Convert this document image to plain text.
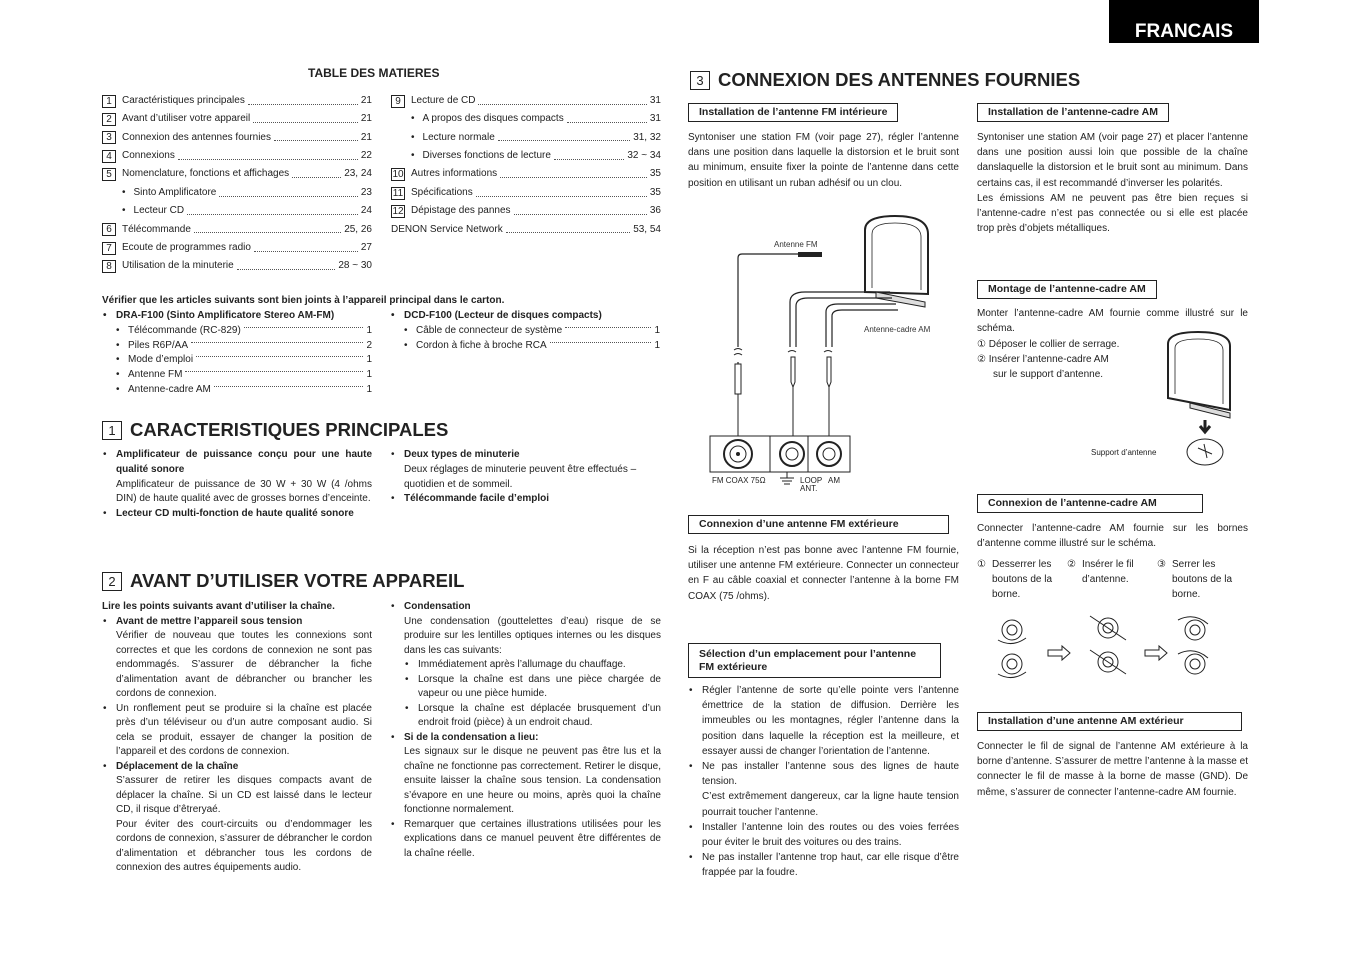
FRANCAIS
TABLE DES MATIERES
1	Caractéristiques principales	21
2	Avant d’utiliser votre appareil	21
3	Connexion des antennes fournies	21
4	Connexions	22
5	Nomenclature, fonctions et affichages	23, 24
• Sinto Amplificatore	23
• Lecteur CD	24
6	Télécommande	25, 26
7	Ecoute de programmes radio	27
8	Utilisation de la minuterie	28 ~ 30
9	Lecture de CD	31
• A propos des disques compacts	31
• Lecture normale	31, 32
• Diverses fonctions de lecture	32 ~ 34
10 Autres informations	35
11 Spécifications	35
12 Dépistage des pannes	36
DENON Service Network	53, 54
Vérifier que les articles suivants sont bien joints à l’appareil principal dans le carton.
• DRA-F100 (Sinto Amplificatore Stereo AM-FM)
• Télécommande (RC-829)	1
• Piles R6P/AA	2
• Mode d’emploi	1
• Antenne FM	1
• Antenne-cadre AM	1
• DCD-F100 (Lecteur de disques compacts)
• Câble de connecteur de système	1
• Cordon à fiche à broche RCA	1
1 CARACTERISTIQUES PRINCIPALES

• Amplificateur de puissance conçu pour une haute qualité sonore

Amplificateur de puissance de 30 W + 30 W (4 /ohms DIN) de haute qualité avec de grosses bornes d’enceinte.

• Lecteur CD multi-fonction de haute qualité sonore

• Deux types de minuterie

Deux réglages de minuterie peuvent être effectués – quotidien et de sommeil.

• Télécommande facile d’emploi

2 AVANT D’UTILISER VOTRE APPAREIL

Lire les points suivants avant d’utiliser la chaîne.

• Avant de mettre l’appareil sous tension

Vérifier de nouveau que toutes les connexions sont correctes et que les cordons de connexion ne sont pas endommagés. S’assurer de débrancher la fiche d’alimentation avant de débrancher ou brancher les cordons de connexion.

• Un ronflement peut se produire si la chaîne est placée près d’un téléviseur ou d’un autre composant audio. Si cela se produit, essayer de changer la position de l’appareil et des cordons de connexion.

• Déplacement de la chaîne

S’assurer de retirer les disques compacts avant de déplacer la chaîne. Si un CD est laissé dans le lecteur CD, il risque d’êtreryaé.

Pour éviter des court-circuits ou d’endommager les cordons de connexion, s’assurer de débrancher le cordon d’alimentation et débrancher tous les cordons de connexion des autres équipements audio.

• Condensation

Une condensation (gouttelettes d’eau) risque de se produire sur les lentilles optiques internes ou les disques dans les cas suivants:

• Immédiatement après l’allumage du chauffage.

• Lorsque la chaîne est dans une pièce chargée de vapeur ou une pièce humide.

• Lorsque la chaîne est déplacée brusquement d’un endroit froid (pièce) à un endroit chaud.

• Si de la condensation a lieu:

Les signaux sur le disque ne peuvent pas être lus et la chaîne ne fonctionne pas correctement. Retirer le disque, ensuite laisser la chaîne sous tension. La condensation s’évapore en une heure ou moins, après quoi la chaîne fonctionne normalement.

• Remarquer que certaines illustrations utilisées pour les explications dans ce manuel peuvent être différentes de la chaîne réelle.

3 CONNEXION DES ANTENNES FOURNIES
Installation de l’antenne FM intérieure

Syntoniser une station FM (voir page 27), régler l’antenne dans une position dans laquelle la distorsion et le bruit sont au minimum, ensuite fixer la pointe de l’antenne dans cette position en utilisant un ruban adhésif ou un clou.

Antenne FM
Antenne-cadre AM
FM COAX 75Ω	LOOP
ANT.
AM
Connexion d’une antenne FM extérieure

Si la réception n’est pas bonne avec l’antenne FM fournie, utiliser une antenne FM extérieure. Connecter un connecteur en F au câble coaxial et connecter l’antenne à la borne FM COAX (75 /ohms).

Sélection d’un emplacement pour l’antenne FM extérieure

• Régler l’antenne de sorte qu’elle pointe vers l’antenne émettrice de la station de diffusion. Derrière les immeubles ou les montagnes, régler l’antenne dans la position dans laquelle la réception est la meilleure, et essayer aussi de changer l’orientation de l’antenne.

• Ne pas installer l’antenne sous des lignes de haute tension.

C’est extrêmement dangereux, car la ligne haute tension pourrait toucher l’antenne.

• Installer l’antenne loin des routes ou des voies ferrées pour éviter le bruit des voitures ou des trains.

• Ne pas installer l’antenne trop haut, car elle risque d’être frappée par la foudre.

Installation de l’antenne-cadre AM

Syntoniser une station AM (voir page 27) et placer l’antenne dans une position aussi loin que possible de la chaîne danslaquelle la distorsion et le bruit sont au minimum. Dans certains cas, il est recommandé d’inverser les polarités.

Les émissions AM ne peuvent pas être bien reçues si l’antenne-cadre n’est pas connectée ou si elle est placée trop près d’objets métalliques.

Montage de l’antenne-cadre AM

Monter l’antenne-cadre AM fournie comme illustré sur le schéma.

① Déposer le collier de serrage.

② Insérer l’antenne-cadre AM

sur le support d’antenne.

Support d’antenne
Connexion de l’antenne-cadre AM

Connecter l’antenne-cadre AM fournie sur les bornes d’antenne comme illustré sur le schéma.

① Desserrer les boutons de la borne.
② Insérer le fil d’antenne.
③ Serrer les boutons de la borne.
Installation d’une antenne AM extérieur

Connecter le fil de signal de l’antenne AM extérieure à la borne d’antenne. S’assurer de mettre l’antenne à la masse et connecter le fil de masse à la borne de masse (GND). De même, s’assurer de connecter l’antenne-cadre AM fournie.
